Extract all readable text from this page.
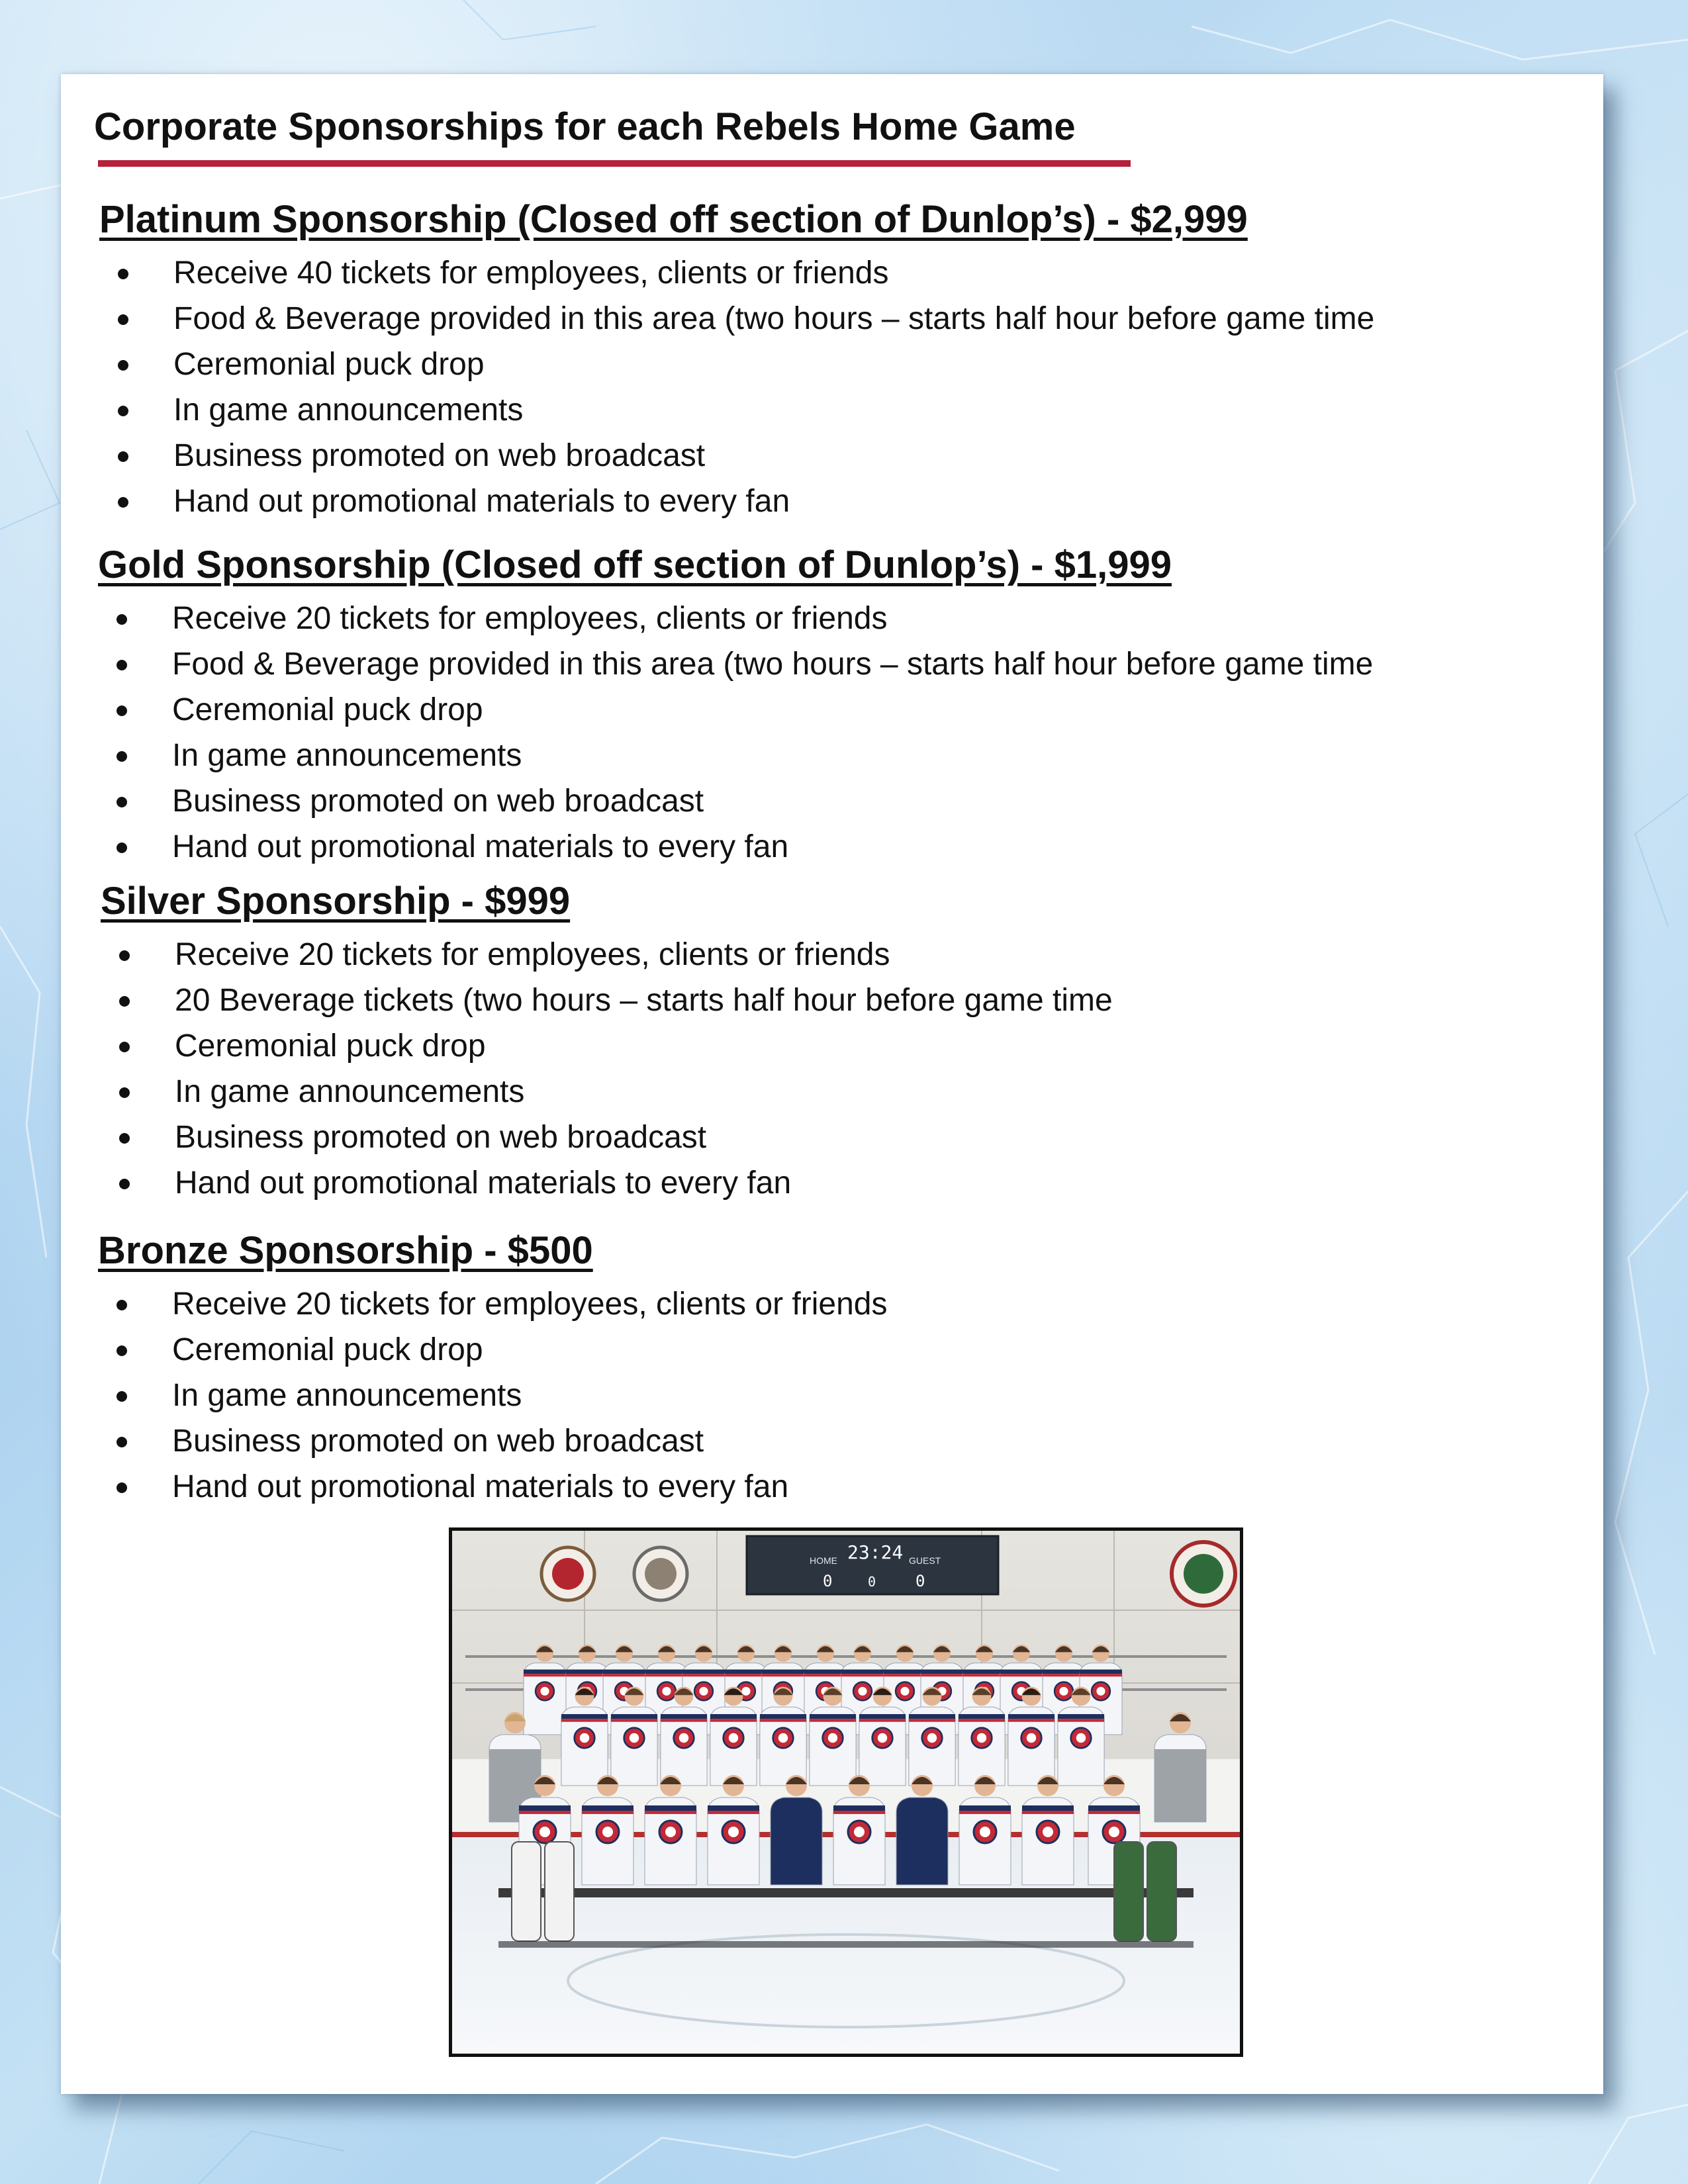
Corporate Sponsorships for each Rebels Home Game
Platinum Sponsorship (Closed off section of Dunlop’s) - $2,999
Receive 40 tickets for employees, clients or friends
Food & Beverage provided in this area (two hours – starts half hour before game time
Ceremonial puck drop
In game announcements
Business promoted on web broadcast
Hand out promotional materials to every fan
Gold Sponsorship (Closed off section of Dunlop’s) - $1,999
Receive 20 tickets for employees, clients or friends
Food & Beverage provided in this area (two hours – starts half hour before game time
Ceremonial puck drop
In game announcements
Business promoted on web broadcast
Hand out promotional materials to every fan
Silver Sponsorship - $999
Receive 20 tickets for employees, clients or friends
20 Beverage tickets (two hours – starts half hour before game time
Ceremonial puck drop
In game announcements
Business promoted on web broadcast
Hand out promotional materials to every fan
Bronze Sponsorship - $500
Receive 20 tickets for employees, clients or friends
Ceremonial puck drop
In game announcements
Business promoted on web broadcast
Hand out promotional materials to every fan
HOME	GUEST
23:24
0	0 0
